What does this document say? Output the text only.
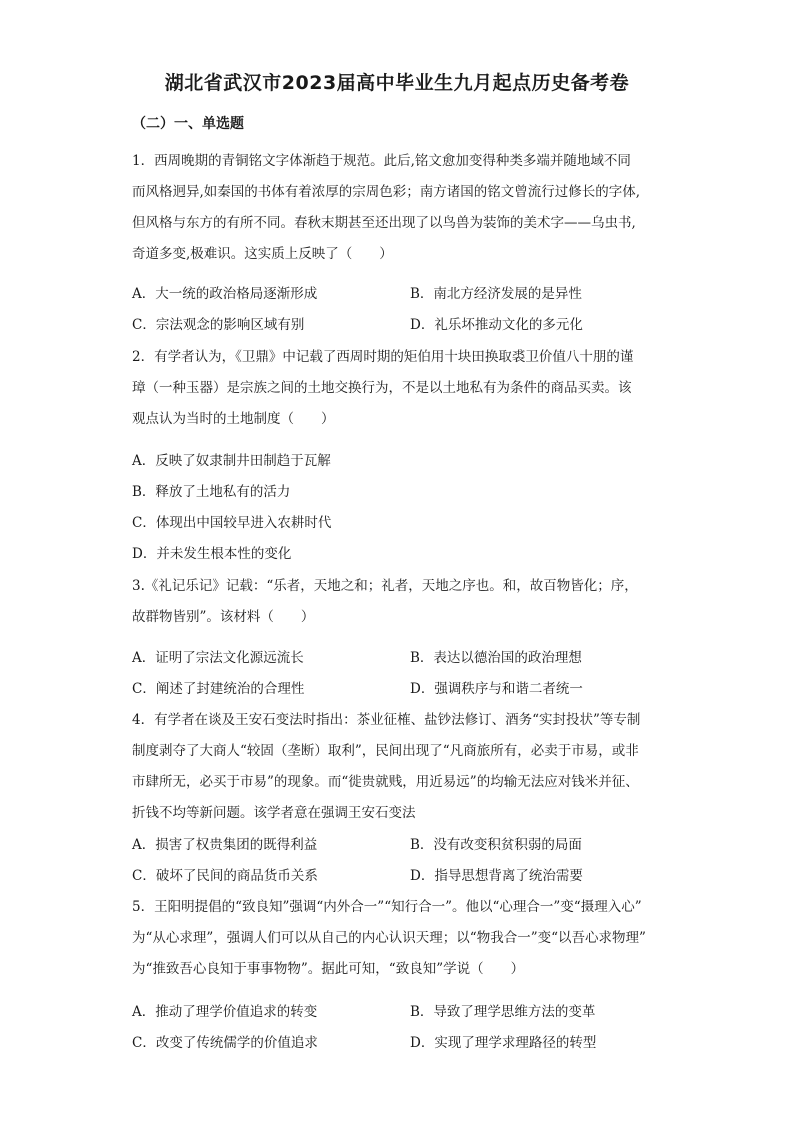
湖北省武汉市2023届高中毕业生九月起点历史备考卷
（二）一、单选题
1．西周晚期的青铜铭文字体渐趋于规范。此后,铭文愈加变得种类多端并随地域不同
而风格迥异,如秦国的书体有着浓厚的宗周色彩；南方诸国的铭文曾流行过修长的字体,
但风格与东方的有所不同。春秋末期甚至还出现了以鸟兽为装饰的美术字——乌虫书,
奇道多变,极难识。这实质上反映了（　　）
A．大一统的政治格局逐渐形成	B．南北方经济发展的是异性
C．宗法观念的影响区域有别	D．礼乐坏推动文化的多元化
2．有学者认为，《卫鼎》中记载了西周时期的矩伯用十块田换取裘卫价值八十朋的谨
璋（一种玉器）是宗族之间的土地交换行为，不是以土地私有为条件的商品买卖。该
观点认为当时的土地制度（　　）
A．反映了奴隶制井田制趋于瓦解
B．释放了土地私有的活力
C．体现出中国较早进入农耕时代
D．并未发生根本性的变化
3.《礼记乐记》记载：“乐者，天地之和；礼者，天地之序也。和，故百物皆化；序，
故群物皆别”。该材料（　　）
A．证明了宗法文化源远流长	B．表达以德治国的政治理想
C．阐述了封建统治的合理性	D．强调秩序与和谐二者统一
4．有学者在谈及王安石变法时指出：茶业征榷、盐钞法修订、酒务“实封投状”等专制
制度剥夺了大商人“较固（垄断）取利”，民间出现了“凡商旅所有，必卖于市易，或非
市肆所无，必买于市易”的现象。而“徙贵就贱，用近易远”的均输无法应对钱米并征、
折钱不均等新问题。该学者意在强调王安石变法
A．损害了权贵集团的既得利益	B．没有改变积贫积弱的局面
C．破坏了民间的商品货币关系	D．指导思想背离了统治需要
5．王阳明提倡的“致良知”强调“内外合一”“知行合一”。他以“心理合一”变“摄理入心”
为“从心求理”，强调人们可以从自己的内心认识天理；以“物我合一”变“以吾心求物理”
为“推致吾心良知于事事物物”。据此可知，“致良知”学说（　　）
A．推动了理学价值追求的转变	B．导致了理学思维方法的变革
C．改变了传统儒学的价值追求	D．实现了理学求理路径的转型
